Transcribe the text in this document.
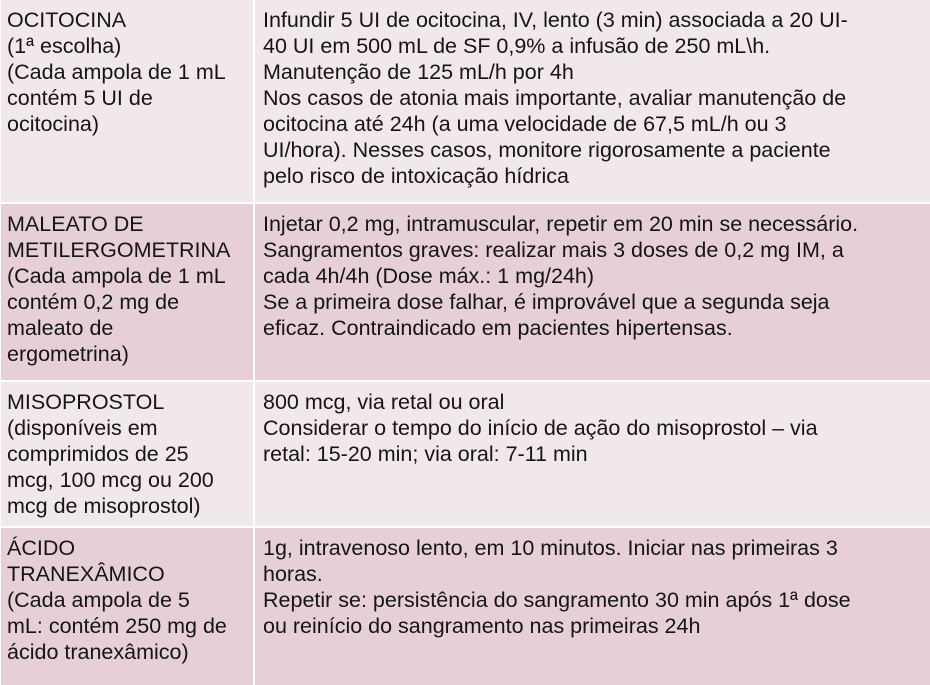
OCITOCINA
(1ª escolha)
(Cada ampola de 1 mL
contém 5 UI de
ocitocina)
Infundir 5 UI de ocitocina, IV, lento (3 min) associada a 20 UI-
40 UI em 500 mL de SF 0,9% a infusão de 250 mL\h.
Manutenção de 125 mL/h por 4h
Nos casos de atonia mais importante, avaliar manutenção de
ocitocina até 24h (a uma velocidade de 67,5 mL/h ou 3
UI/hora). Nesses casos, monitore rigorosamente a paciente
pelo risco de intoxicação hídrica
MALEATO DE
METILERGOMETRINA
(Cada ampola de 1 mL
contém 0,2 mg de
maleato de
ergometrina)
Injetar 0,2 mg, intramuscular, repetir em 20 min se necessário.
Sangramentos graves: realizar mais 3 doses de 0,2 mg IM, a
cada 4h/4h (Dose máx.: 1 mg/24h)
Se a primeira dose falhar, é improvável que a segunda seja
eficaz. Contraindicado em pacientes hipertensas.
MISOPROSTOL
(disponíveis em
comprimidos de 25
mcg, 100 mcg ou 200
mcg de misoprostol)
800 mcg, via retal ou oral
Considerar o tempo do início de ação do misoprostol – via
retal: 15-20 min; via oral: 7-11 min
ÁCIDO
TRANEXÂMICO
(Cada ampola de 5
mL: contém 250 mg de
ácido tranexâmico)
1g, intravenoso lento, em 10 minutos. Iniciar nas primeiras 3
horas.
Repetir se: persistência do sangramento 30 min após 1ª dose
ou reinício do sangramento nas primeiras 24h
